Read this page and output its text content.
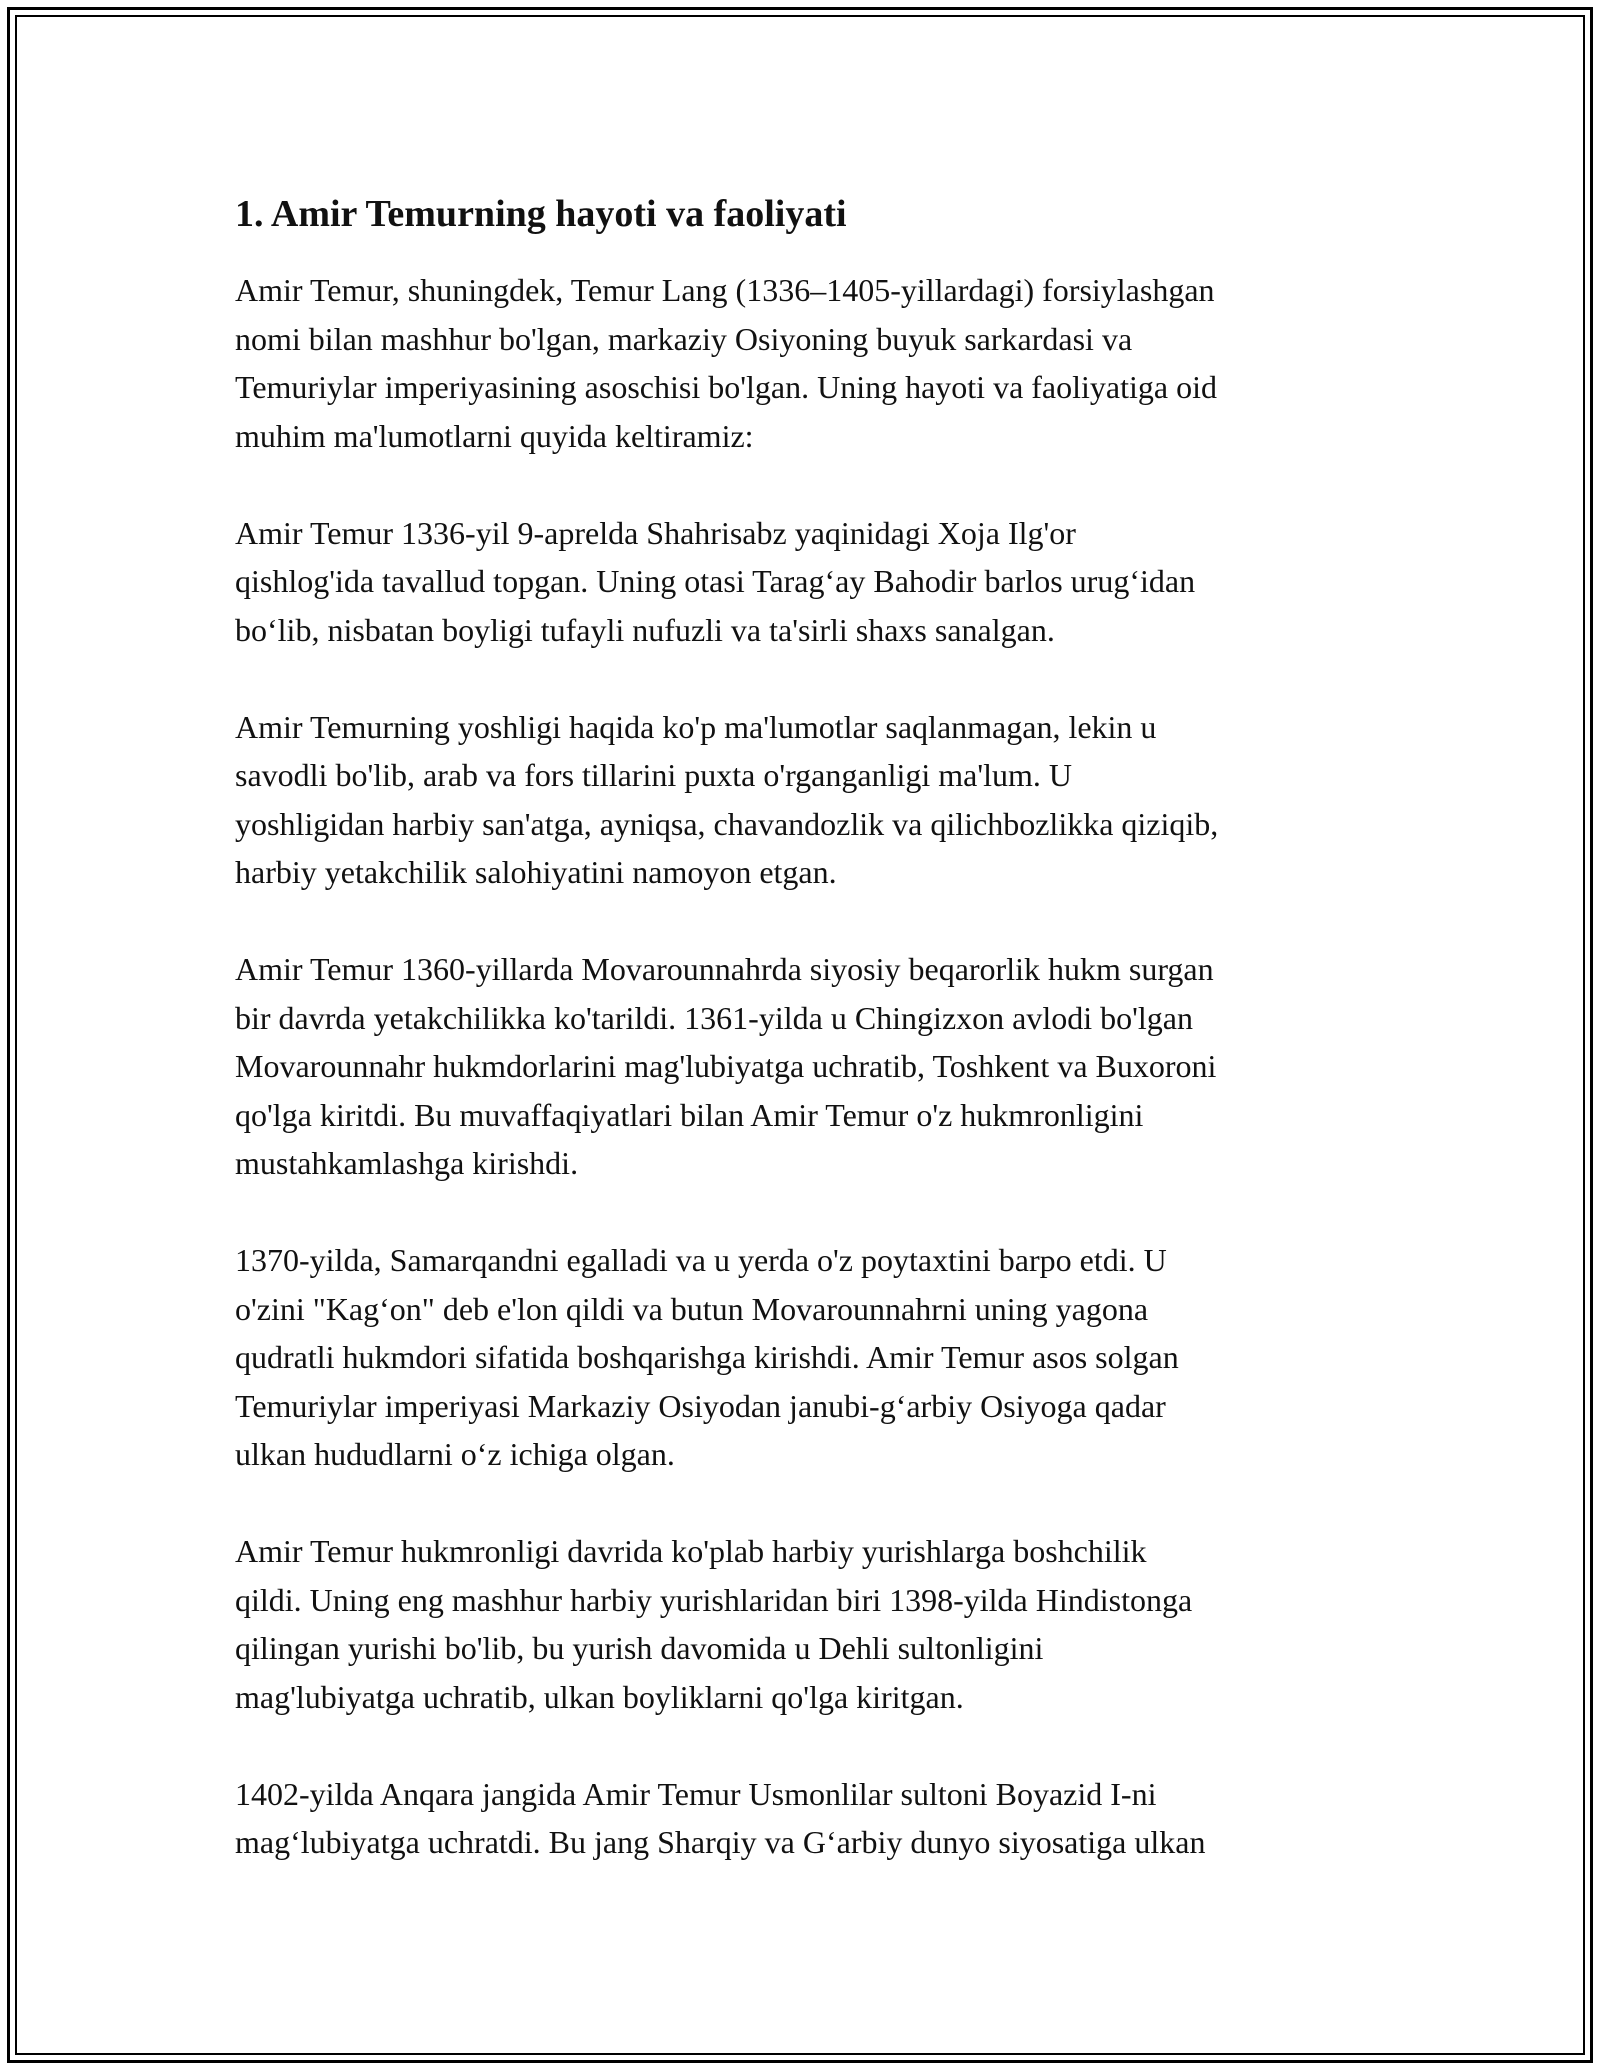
1. Amir Temurning hayoti va faoliyati
Amir Temur, shuningdek, Temur Lang (1336–1405-yillardagi) forsiylashgan
nomi bilan mashhur bo'lgan, markaziy Osiyoning buyuk sarkardasi va
Temuriylar imperiyasining asoschisi bo'lgan. Uning hayoti va faoliyatiga oid
muhim ma'lumotlarni quyida keltiramiz:
Amir Temur 1336-yil 9-aprelda Shahrisabz yaqinidagi Xoja Ilg'or
qishlog'ida tavallud topgan. Uning otasi Tarag‘ay Bahodir barlos urug‘idan
bo‘lib, nisbatan boyligi tufayli nufuzli va ta'sirli shaxs sanalgan.
Amir Temurning yoshligi haqida ko'p ma'lumotlar saqlanmagan, lekin u
savodli bo'lib, arab va fors tillarini puxta o'rganganligi ma'lum. U
yoshligidan harbiy san'atga, ayniqsa, chavandozlik va qilichbozlikka qiziqib,
harbiy yetakchilik salohiyatini namoyon etgan.
Amir Temur 1360-yillarda Movarounnahrda siyosiy beqarorlik hukm surgan
bir davrda yetakchilikka ko'tarildi. 1361-yilda u Chingizxon avlodi bo'lgan
Movarounnahr hukmdorlarini mag'lubiyatga uchratib, Toshkent va Buxoroni
qo'lga kiritdi. Bu muvaffaqiyatlari bilan Amir Temur o'z hukmronligini
mustahkamlashga kirishdi.
1370-yilda, Samarqandni egalladi va u yerda o'z poytaxtini barpo etdi. U
o'zini "Kag‘on" deb e'lon qildi va butun Movarounnahrni uning yagona
qudratli hukmdori sifatida boshqarishga kirishdi. Amir Temur asos solgan
Temuriylar imperiyasi Markaziy Osiyodan janubi-g‘arbiy Osiyoga qadar
ulkan hududlarni o‘z ichiga olgan.
Amir Temur hukmronligi davrida ko'plab harbiy yurishlarga boshchilik
qildi. Uning eng mashhur harbiy yurishlaridan biri 1398-yilda Hindistonga
qilingan yurishi bo'lib, bu yurish davomida u Dehli sultonligini
mag'lubiyatga uchratib, ulkan boyliklarni qo'lga kiritgan.
1402-yilda Anqara jangida Amir Temur Usmonlilar sultoni Boyazid I-ni
mag‘lubiyatga uchratdi. Bu jang Sharqiy va G‘arbiy dunyo siyosatiga ulkan
